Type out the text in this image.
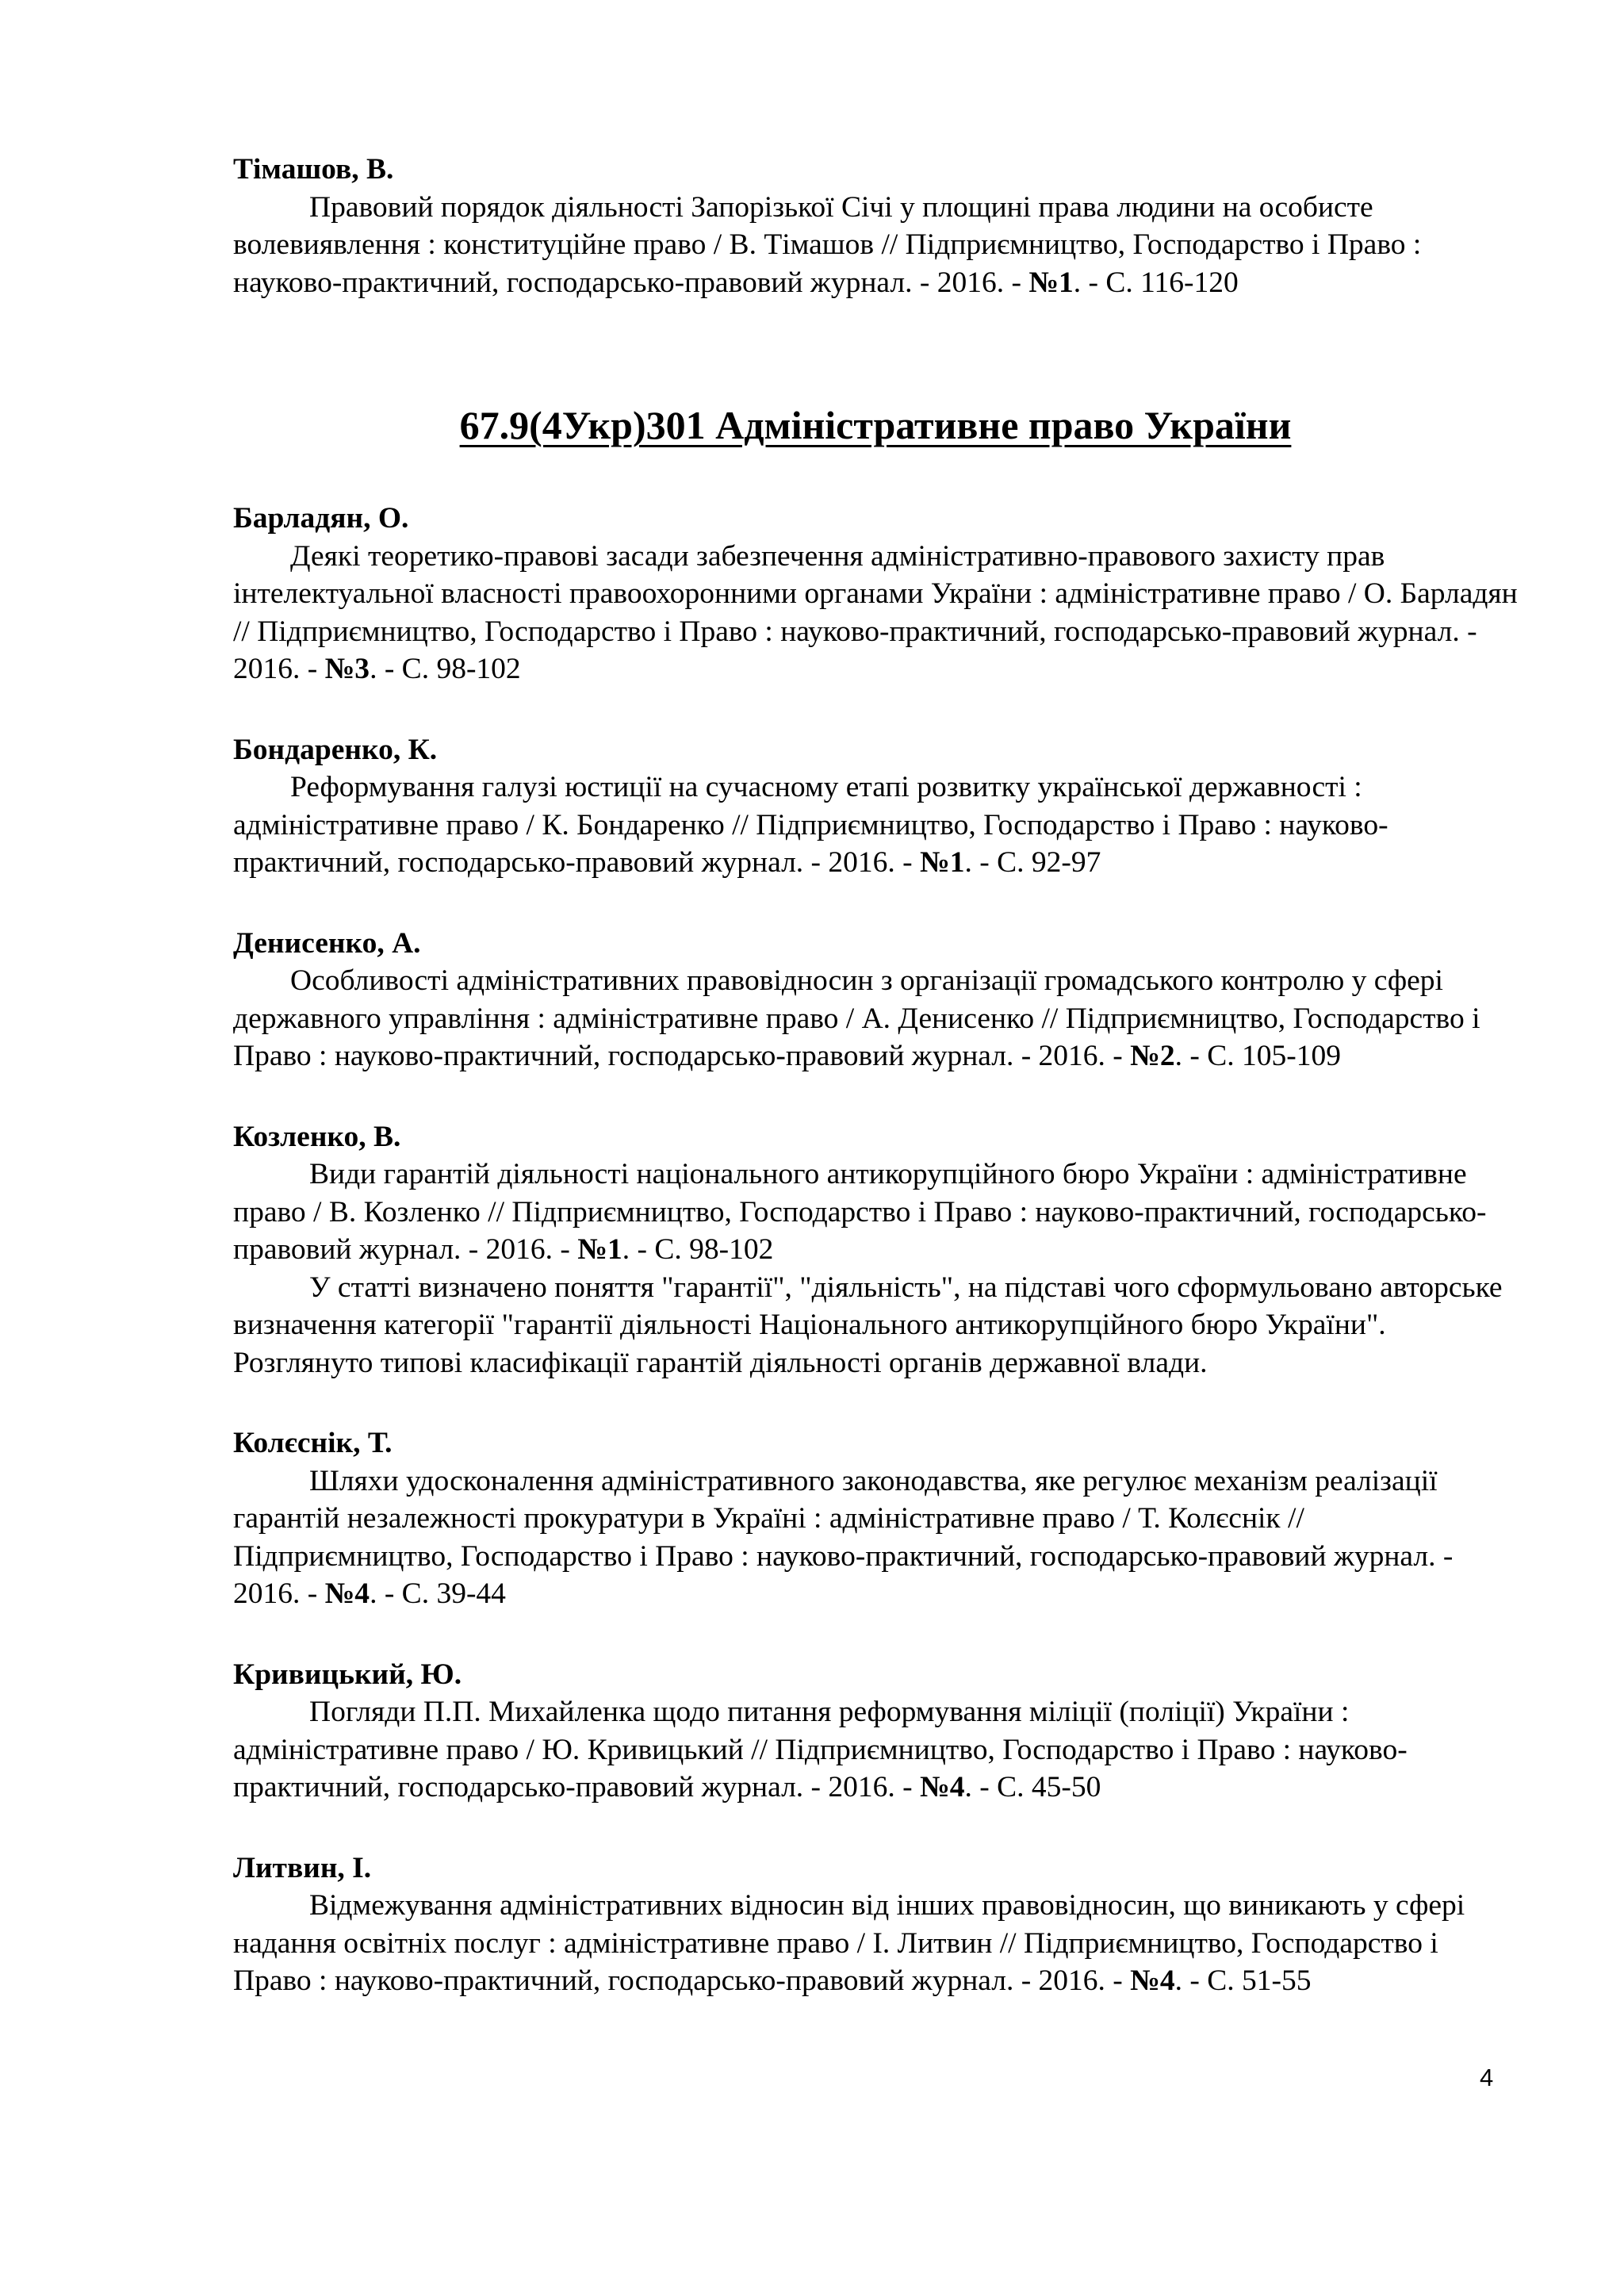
Тімашов, В.

Правовий порядок діяльності Запорізької Січі у площині права людини на особисте волевиявлення : конституційне право / В. Тімашов // Підприємництво, Господарство і Право : науково-практичний, господарсько-правовий журнал. - 2016. - №1. - С. 116-120

67.9(4Укр)301 Адміністративне право України

Барладян, О.

Деякі теоретико-правові засади забезпечення адміністративно-правового захисту прав інтелектуальної власності правоохоронними органами України : адміністративне право / О. Барладян // Підприємництво, Господарство і Право : науково-практичний, господарсько-правовий журнал. - 2016. - №3. - С. 98-102

Бондаренко, К.

Реформування галузі юстиції на сучасному етапі розвитку української державності : адміністративне право / К. Бондаренко // Підприємництво, Господарство і Право : науково-практичний, господарсько-правовий журнал. - 2016. - №1. - С. 92-97

Денисенко, А.

Особливості адміністративних правовідносин з організації громадського контролю у сфері державного управління : адміністративне право / А. Денисенко // Підприємництво, Господарство і Право : науково-практичний, господарсько-правовий журнал. - 2016. - №2. - С. 105-109

Козленко, В.

Види гарантій діяльності національного антикорупційного бюро України : адміністративне право / В. Козленко // Підприємництво, Господарство і Право : науково-практичний, господарсько-правовий журнал. - 2016. - №1. - С. 98-102

У статті визначено поняття "гарантії", "діяльність", на підставі чого сформульовано авторське визначення категорії "гарантії діяльності Національного антикорупційного бюро України". Розглянуто типові класифікації гарантій діяльності органів державної влади.

Колєснік, Т.

Шляхи удосконалення адміністративного законодавства, яке регулює механізм реалізації гарантій незалежності прокуратури в Україні : адміністративне право / Т. Колєснік // Підприємництво, Господарство і Право : науково-практичний, господарсько-правовий журнал. - 2016. - №4. - С. 39-44

Кривицький, Ю.

Погляди П.П. Михайленка щодо питання реформування міліції (поліції) України : адміністративне право / Ю. Кривицький // Підприємництво, Господарство і Право : науково-практичний, господарсько-правовий журнал. - 2016. - №4. - С. 45-50

Литвин, І.

Відмежування адміністративних відносин від інших правовідносин, що виникають у сфері надання освітніх послуг : адміністративне право / І. Литвин // Підприємництво, Господарство і Право : науково-практичний, господарсько-правовий журнал. - 2016. - №4. - С. 51-55

4
